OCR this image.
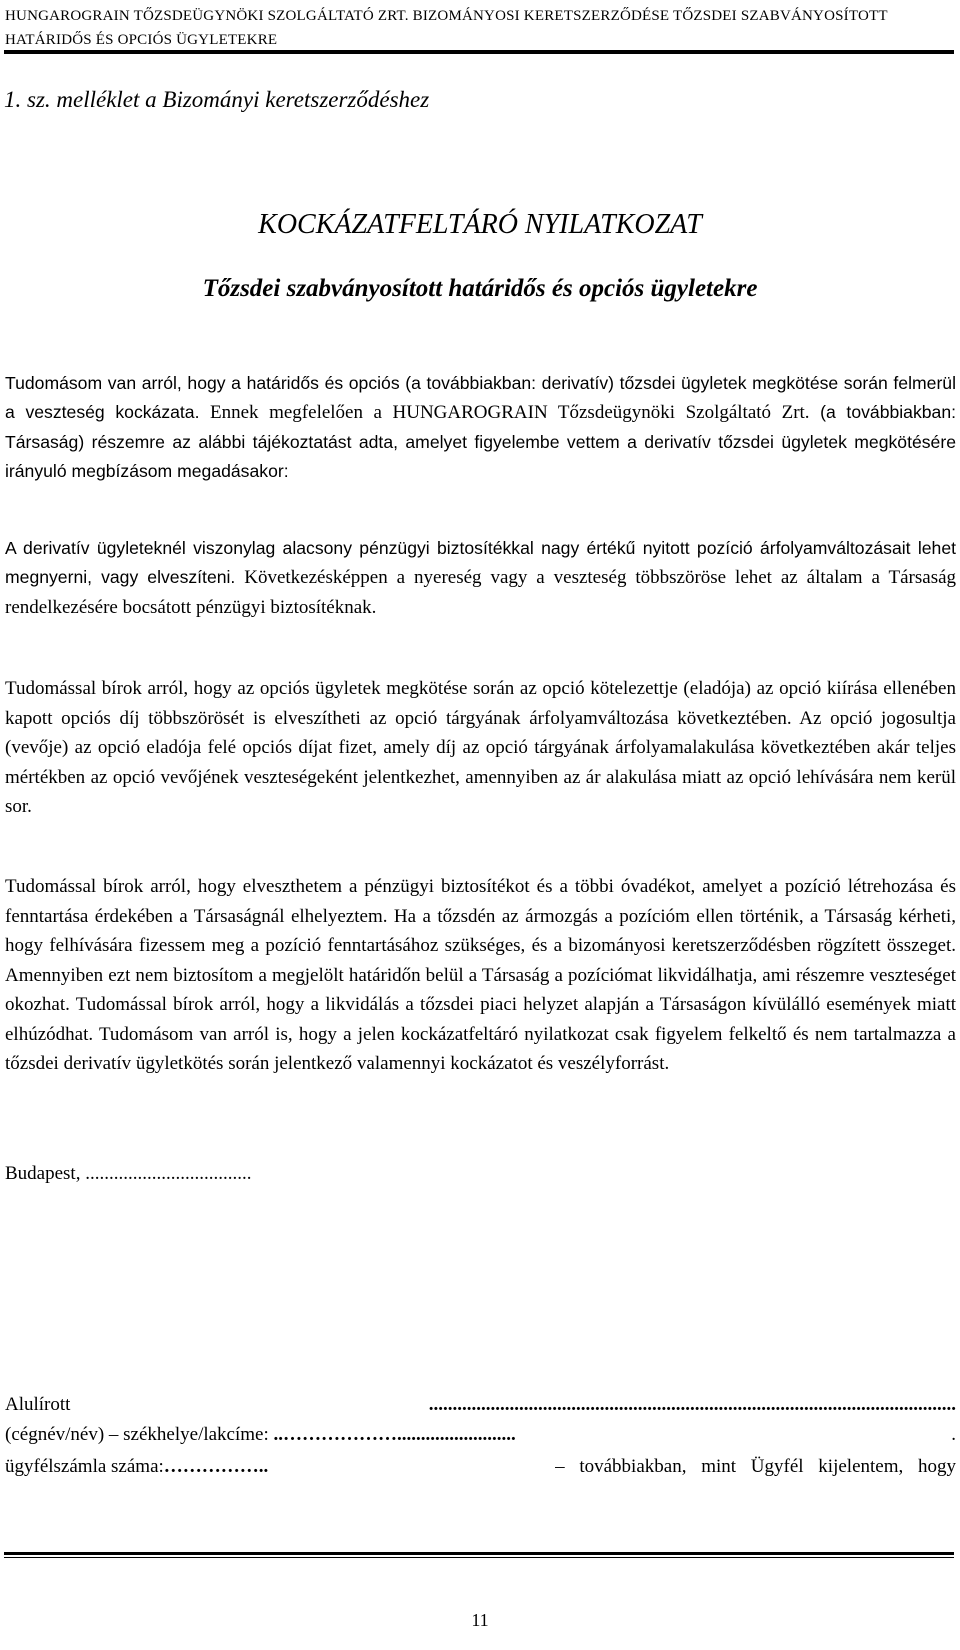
HUNGAROGRAIN TŐZSDEÜGYNÖKI SZOLGÁLTATÓ ZRT. BIZOMÁNYOSI KERETSZERZŐDÉSE TŐZSDEI SZABVÁNYOSÍTOTT HATÁRIDŐS ÉS OPCIÓS ÜGYLETEKRE
1. sz. melléklet a Bizományi keretszerződéshez
KOCKÁZATFELTÁRÓ NYILATKOZAT
Tőzsdei szabványosított határidős és opciós ügyletekre
Tudomásom van arról, hogy a határidős és opciós (a továbbiakban: derivatív) tőzsdei ügyletek megkötése során felmerül a veszteség kockázata. Ennek megfelelően a HUNGAROGRAIN Tőzsdeügynöki Szolgáltató Zrt. (a továbbiakban: Társaság) részemre az alábbi tájékoztatást adta, amelyet figyelembe vettem a derivatív tőzsdei ügyletek megkötésére irányuló megbízásom megadásakor:
A derivatív ügyleteknél viszonylag alacsony pénzügyi biztosítékkal nagy értékű nyitott pozíció árfolyamváltozásait lehet megnyerni, vagy elveszíteni. Következésképpen a nyereség vagy a veszteség többszöröse lehet az általam a Társaság rendelkezésére bocsátott pénzügyi biztosítéknak.
Tudomással bírok arról, hogy az opciós ügyletek megkötése során az opció kötelezettje (eladója) az opció kiírása ellenében kapott opciós díj többszörösét is elveszítheti az opció tárgyának árfolyamváltozása következtében. Az opció jogosultja (vevője) az opció eladója felé opciós díjat fizet, amely díj az opció tárgyának árfolyamalakulása következtében akár teljes mértékben az opció vevőjének veszteségeként jelentkezhet, amennyiben az ár alakulása miatt az opció lehívására nem kerül sor.
Tudomással bírok arról, hogy elveszthetem a pénzügyi biztosítékot és a többi óvadékot, amelyet a pozíció létrehozása és fenntartása érdekében a Társaságnál elhelyeztem. Ha a tőzsdén az ármozgás a pozícióm ellen történik, a Társaság kérheti, hogy felhívására fizessem meg a pozíció fenntartásához szükséges, és a bizományosi keretszerződésben rögzített összeget. Amennyiben ezt nem biztosítom a megjelölt határidőn belül a Társaság a pozíciómat likvidálhatja, ami részemre veszteséget okozhat. Tudomással bírok arról, hogy a likvidálás a tőzsdei piaci helyzet alapján a Társaságon kívülálló események miatt elhúzódhat. Tudomásom van arról is, hogy a jelen kockázatfeltáró nyilatkozat csak figyelem felkeltő és nem tartalmazza a tőzsdei derivatív ügyletkötés során jelentkező valamennyi kockázatot és veszélyforrást.
Budapest, ...................................
Alulírott	...............................................................................................................
(cégnév/név) – székhelye/lakcíme: ..……………….........................	.
ügyfélszámla száma:……………..	– továbbiakban, mint Ügyfél kijelentem, hogy
11
